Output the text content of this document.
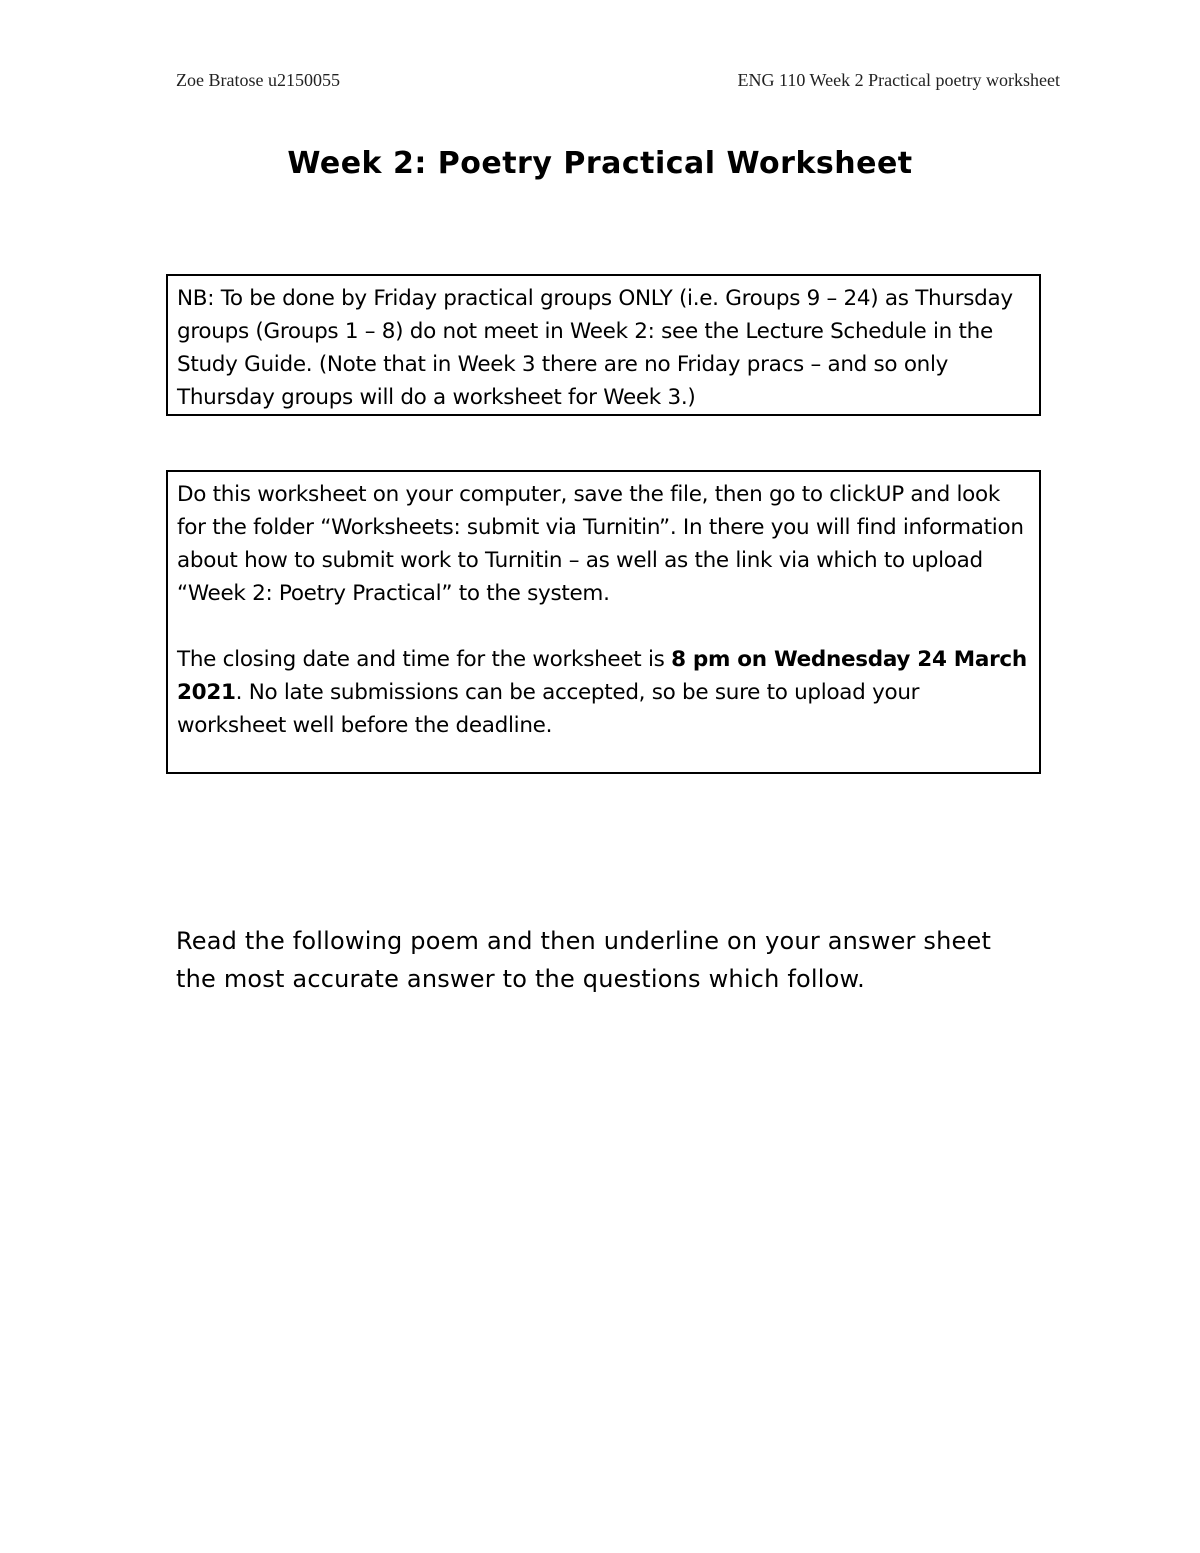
Zoe Bratose u2150055	ENG 110 Week 2 Practical poetry worksheet
Week 2: Poetry Practical Worksheet

NB: To be done by Friday practical groups ONLY (i.e. Groups 9 – 24) as Thursday groups (Groups 1 – 8) do not meet in Week 2: see the Lecture Schedule in the Study Guide. (Note that in Week 3 there are no Friday pracs – and so only Thursday groups will do a worksheet for Week 3.)

Do this worksheet on your computer, save the file, then go to clickUP and look for the folder “Worksheets: submit via Turnitin”. In there you will find information about how to submit work to Turnitin – as well as the link via which to upload “Week 2: Poetry Practical” to the system.

The closing date and time for the worksheet is 8 pm on Wednesday 24 March 2021. No late submissions can be accepted, so be sure to upload your worksheet well before the deadline.

Read the following poem and then underline on your answer sheet the most accurate answer to the questions which follow.
